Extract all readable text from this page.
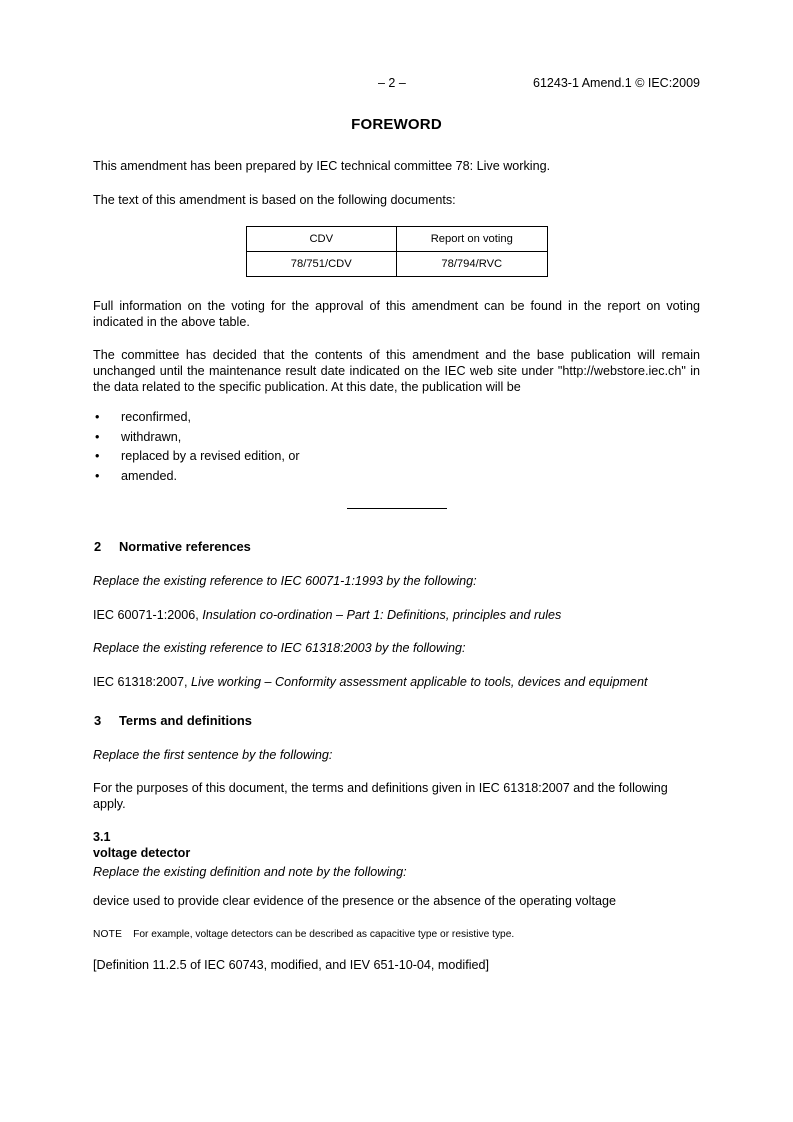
– 2 –	61243-1 Amend.1 © IEC:2009
FOREWORD

This amendment has been prepared by IEC technical committee 78: Live working.

The text of this amendment is based on the following documents:

CDV	Report on voting
78/751/CDV	78/794/RVC

Full information on the voting for the approval of this amendment can be found in the report on voting indicated in the above table.

The committee has decided that the contents of this amendment and the base publication will remain unchanged until the maintenance result date indicated on the IEC web site under "http://webstore.iec.ch" in the data related to the specific publication. At this date, the publication will be

• reconfirmed,
• withdrawn,
• replaced by a revised edition, or
• amended.
2	Normative references

Replace the existing reference to IEC 60071-1:1993 by the following:

IEC 60071-1:2006, Insulation co-ordination – Part 1: Definitions, principles and rules

Replace the existing reference to IEC 61318:2003 by the following:

IEC 61318:2007, Live working – Conformity assessment applicable to tools, devices and equipment

3	Terms and definitions

Replace the first sentence by the following:

For the purposes of this document, the terms and definitions given in IEC 61318:2007 and the following apply.

3.1

voltage detector

Replace the existing definition and note by the following:

device used to provide clear evidence of the presence or the absence of the operating voltage

NOTE For example, voltage detectors can be described as capacitive type or resistive type.

[Definition 11.2.5 of IEC 60743, modified, and IEV 651-10-04, modified]
